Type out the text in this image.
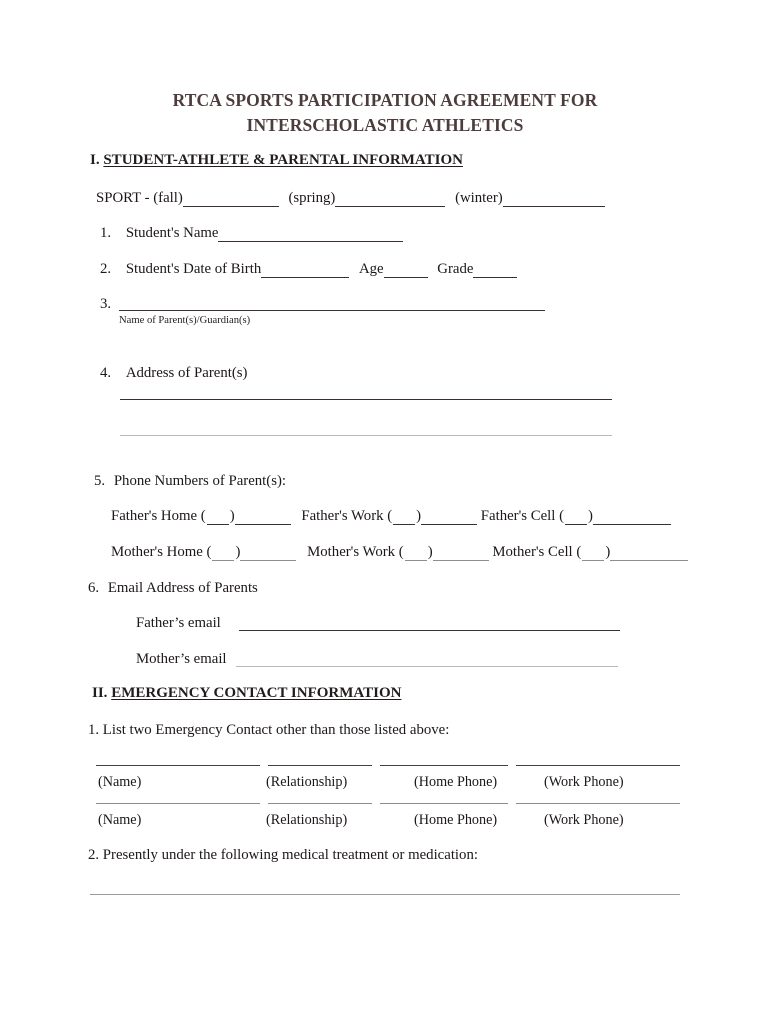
RTCA SPORTS PARTICIPATION AGREEMENT FOR
INTERSCHOLASTIC ATHLETICS
I. STUDENT-ATHLETE & PARENTAL INFORMATION
SPORT - (fall)	(spring)	(winter)
1. Student's Name
2. Student's Date of Birth	Age	Grade
3.
Name of Parent(s)/Guardian(s)
4. Address of Parent(s)
5. Phone Numbers of Parent(s):
Father's Home ( )	Father's Work ( )	Father's Cell ( )
Mother's Home ( )	Mother's Work ( )	Mother's Cell ( )
6. Email Address of Parents
Father’s email
Mother’s email
II. EMERGENCY CONTACT INFORMATION
1. List two Emergency Contact other than those listed above:
(Name)	(Relationship)	(Home Phone)	(Work Phone)
(Name)	(Relationship)	(Home Phone)	(Work Phone)
2. Presently under the following medical treatment or medication:
